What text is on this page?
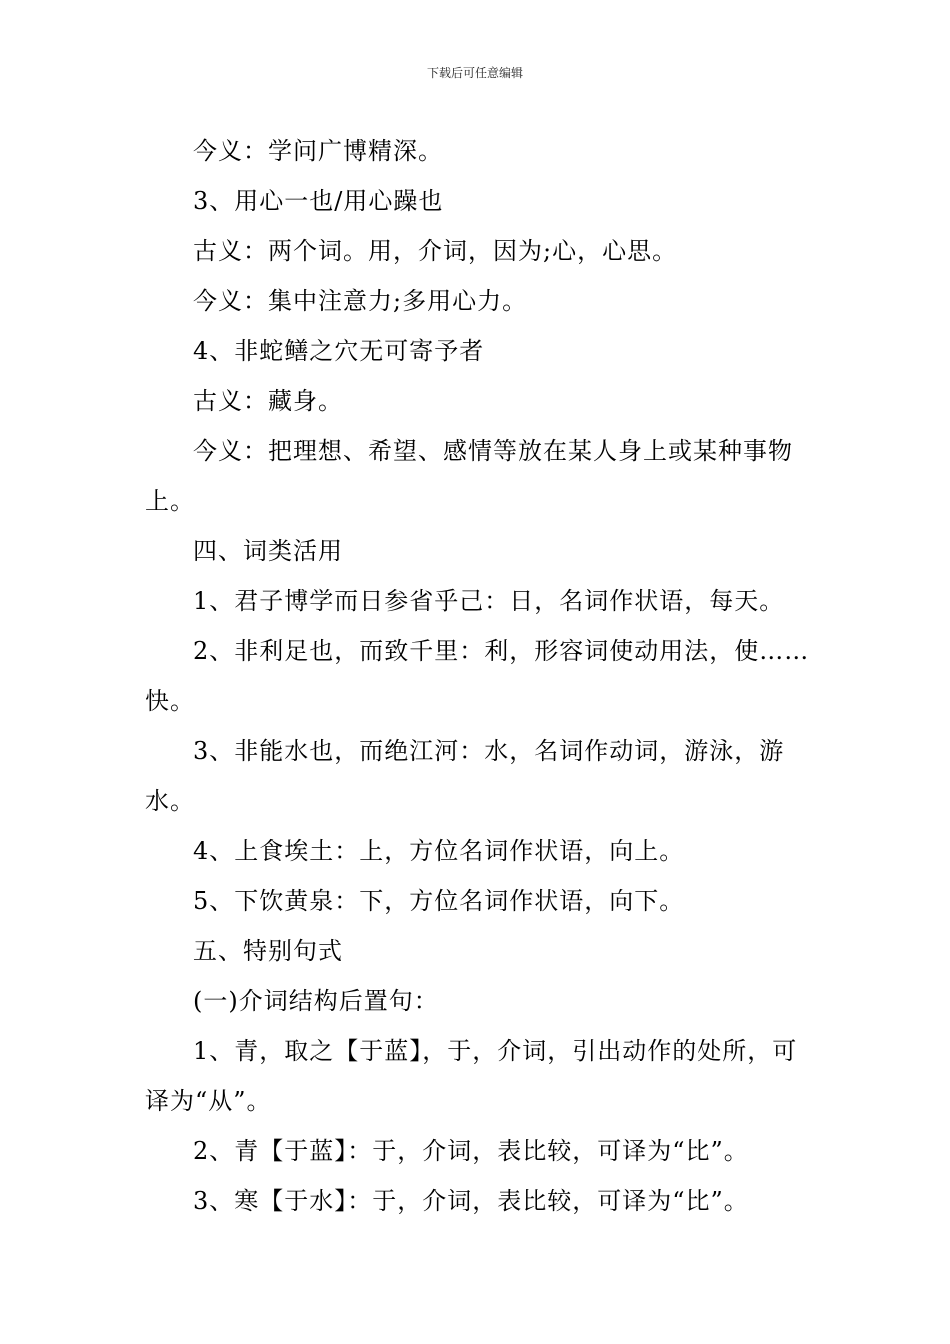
下载后可任意编辑

今义：学问广博精深。

3、用心一也/用心躁也

古义：两个词。用，介词，因为;心，心思。

今义：集中注意力;多用心力。

4、非蛇鳝之穴无可寄予者

古义：藏身。

今义：把理想、希望、感情等放在某人身上或某种事物上。

四、词类活用

1、君子博学而日参省乎己：日，名词作状语，每天。

2、非利足也，而致千里：利，形容词使动用法，使……快。

3、非能水也，而绝江河：水，名词作动词，游泳，游水。

4、上食埃土：上，方位名词作状语，向上。

5、下饮黄泉：下，方位名词作状语，向下。

五、特别句式

(一)介词结构后置句：

1、青，取之【于蓝】，于，介词，引出动作的处所，可译为“从”。

2、青【于蓝】：于，介词，表比较，可译为“比”。

3、寒【于水】：于，介词，表比较，可译为“比”。
